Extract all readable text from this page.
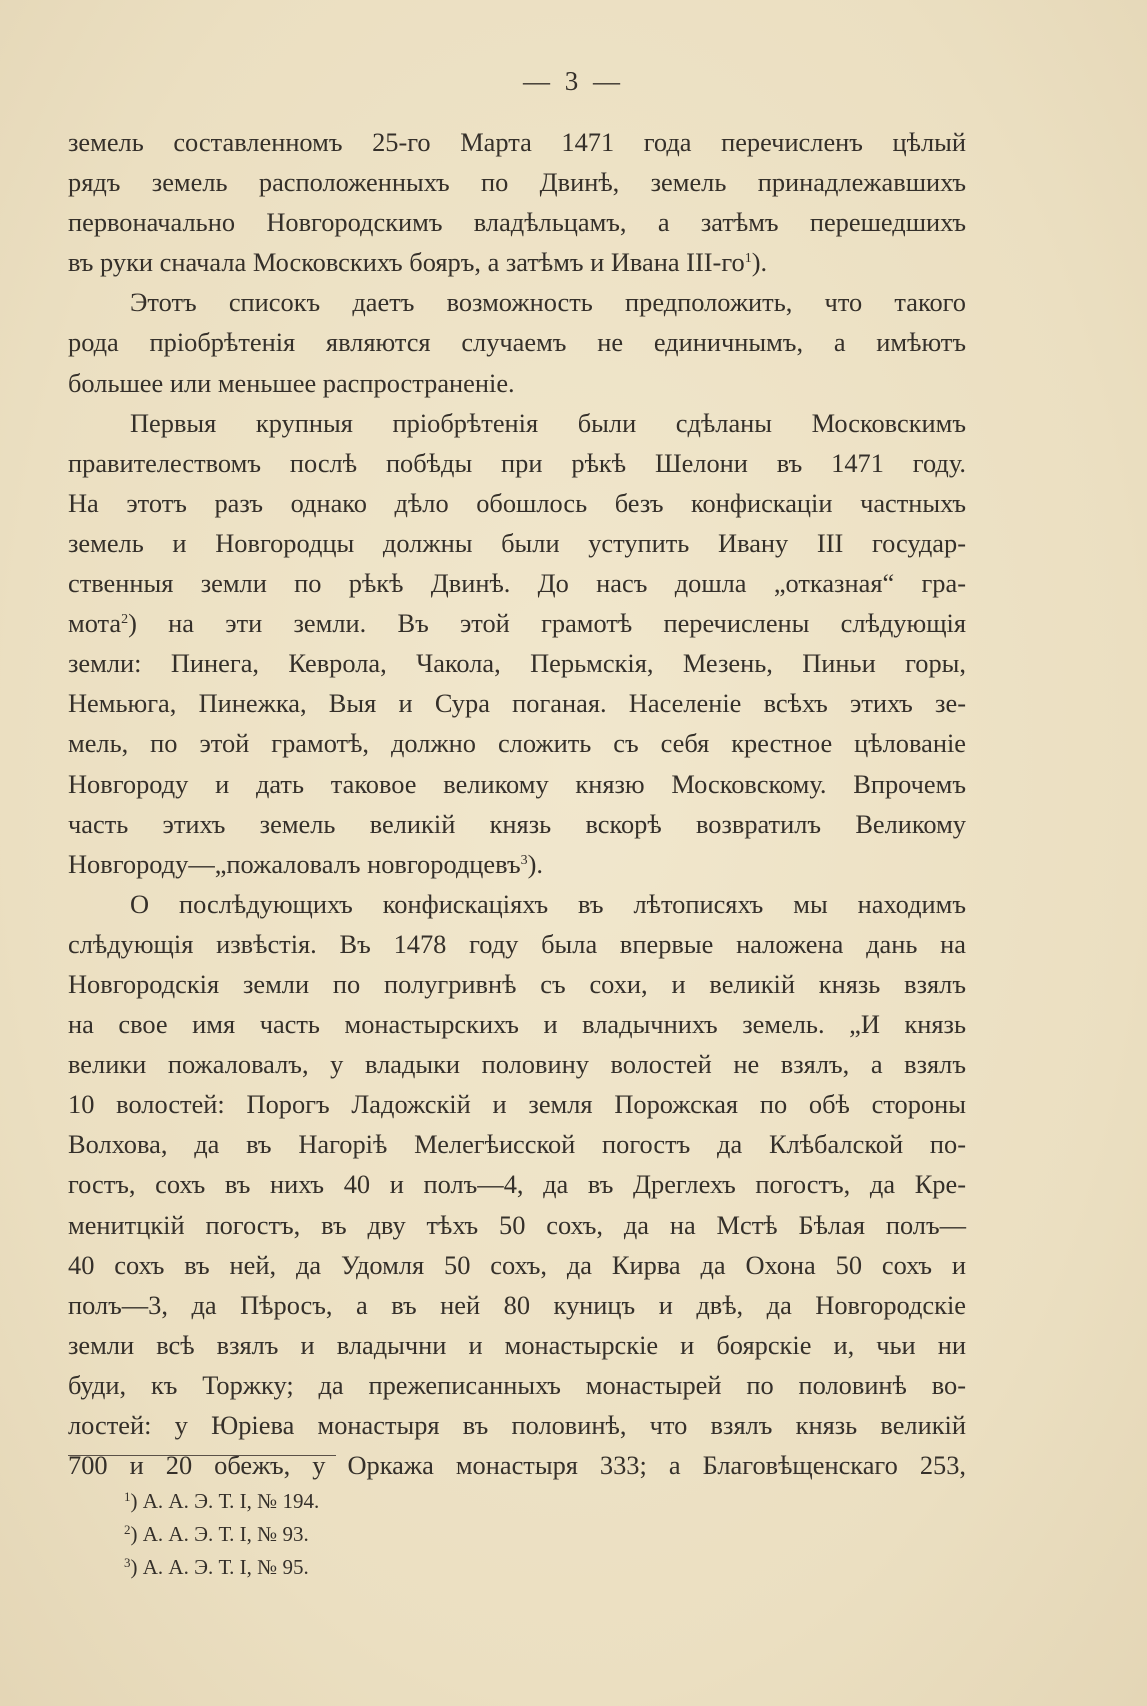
— 3 —
земель составленномъ 25-го Марта 1471 года перечисленъ цѣлый
рядъ земель расположенныхъ по Двинѣ, земель принадлежавшихъ
первоначально Новгородскимъ владѣльцамъ, а затѣмъ перешедшихъ
въ руки сначала Московскихъ бояръ, а затѣмъ и Ивана III-$го^1$).
Этотъ списокъ даетъ возможность предположить, что такого
рода пріобрѣтенія являются случаемъ не единичнымъ, а имѣютъ
большее или меньшее распространеніе.
Первыя крупныя пріобрѣтенія были сдѣланы Московскимъ
правителествомъ послѣ побѣды при рѣкѣ Шелони въ 1471 году.
На этотъ разъ однако дѣло обошлось безъ конфискаціи частныхъ
земель и Новгородцы должны были уступить Ивану III государ-
ственныя земли по рѣкѣ Двинѣ. До насъ дошла „отказная“ гра-
мота$^2$) на эти земли. Въ этой грамотѣ перечислены слѣдующія
земли: Пинега, Кеврола, Чакола, Перьмскія, Мезень, Пиньи горы,
Немьюга, Пинежка, Выя и Сура поганая. Населеніе всѣхъ этихъ зе-
мель, по этой грамотѣ, должно сложить съ себя крестное цѣлованіе
Новгороду и дать таковое великому князю Московскому. Впрочемъ
часть этихъ земель великій князь вскорѣ возвратилъ Великому
Новгороду—„пожаловалъ новгородцевъ$^3$).
О послѣдующихъ конфискаціяхъ въ лѣтописяхъ мы находимъ
слѣдующія извѣстія. Въ 1478 году была впервые наложена дань на
Новгородскія земли по полугривнѣ съ сохи, и великій князь взялъ
на свое имя часть монастырскихъ и владычнихъ земель. „И князь
велики пожаловалъ, у владыки половину волостей не взялъ, а взялъ
10 волостей: Порогъ Ладожскій и земля Порожская по обѣ стороны
Волхова, да въ Нагоріѣ Мелегѣисской погостъ да Клѣбалской по-
гостъ, сохъ въ нихъ 40 и полъ—4, да въ Дреглехъ погостъ, да Кре-
менитцкій погостъ, въ дву тѣхъ 50 сохъ, да на Мстѣ Бѣлая полъ—
40 сохъ въ ней, да Удомля 50 сохъ, да Кирва да Охона 50 сохъ и
полъ—3, да Пѣросъ, а въ ней 80 куницъ и двѣ, да Новгородскіе
земли всѣ взялъ и владычни и монастырскіе и боярскіе и, чьи ни
буди, къ Торжку; да прежеписанныхъ монастырей по половинѣ во-
лостей: у Юріева монастыря въ половинѣ, что взялъ князь великій
700 и 20 обежъ, у Оркажа монастыря 333; а Благовѣщенскаго 253,
$^1$) А. А. Э. Т. I, № 194.
$^2$) А. А. Э. Т. I, № 93.
$^3$) А. А. Э. Т. I, № 95.
